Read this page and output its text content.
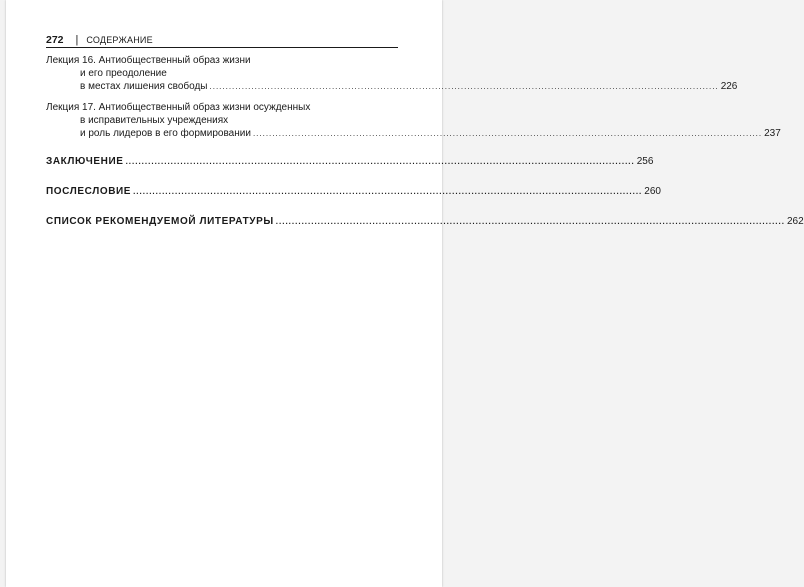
272 | СОДЕРЖАНИЕ
Лекция 16. Антиобщественный образ жизни
и его преодоление
в местах лишения свободы .............................................................................................................................................................. 226
Лекция 17. Антиобщественный образ жизни осужденных
в исправительных учреждениях
и роль лидеров в его формировании .............................................................................................................................................................. 237
ЗАКЛЮЧЕНИЕ .............................................................................................................................................................. 256
ПОСЛЕСЛОВИЕ .............................................................................................................................................................. 260
СПИСОК РЕКОМЕНДУЕМОЙ ЛИТЕРАТУРЫ .............................................................................................................................................................. 262
